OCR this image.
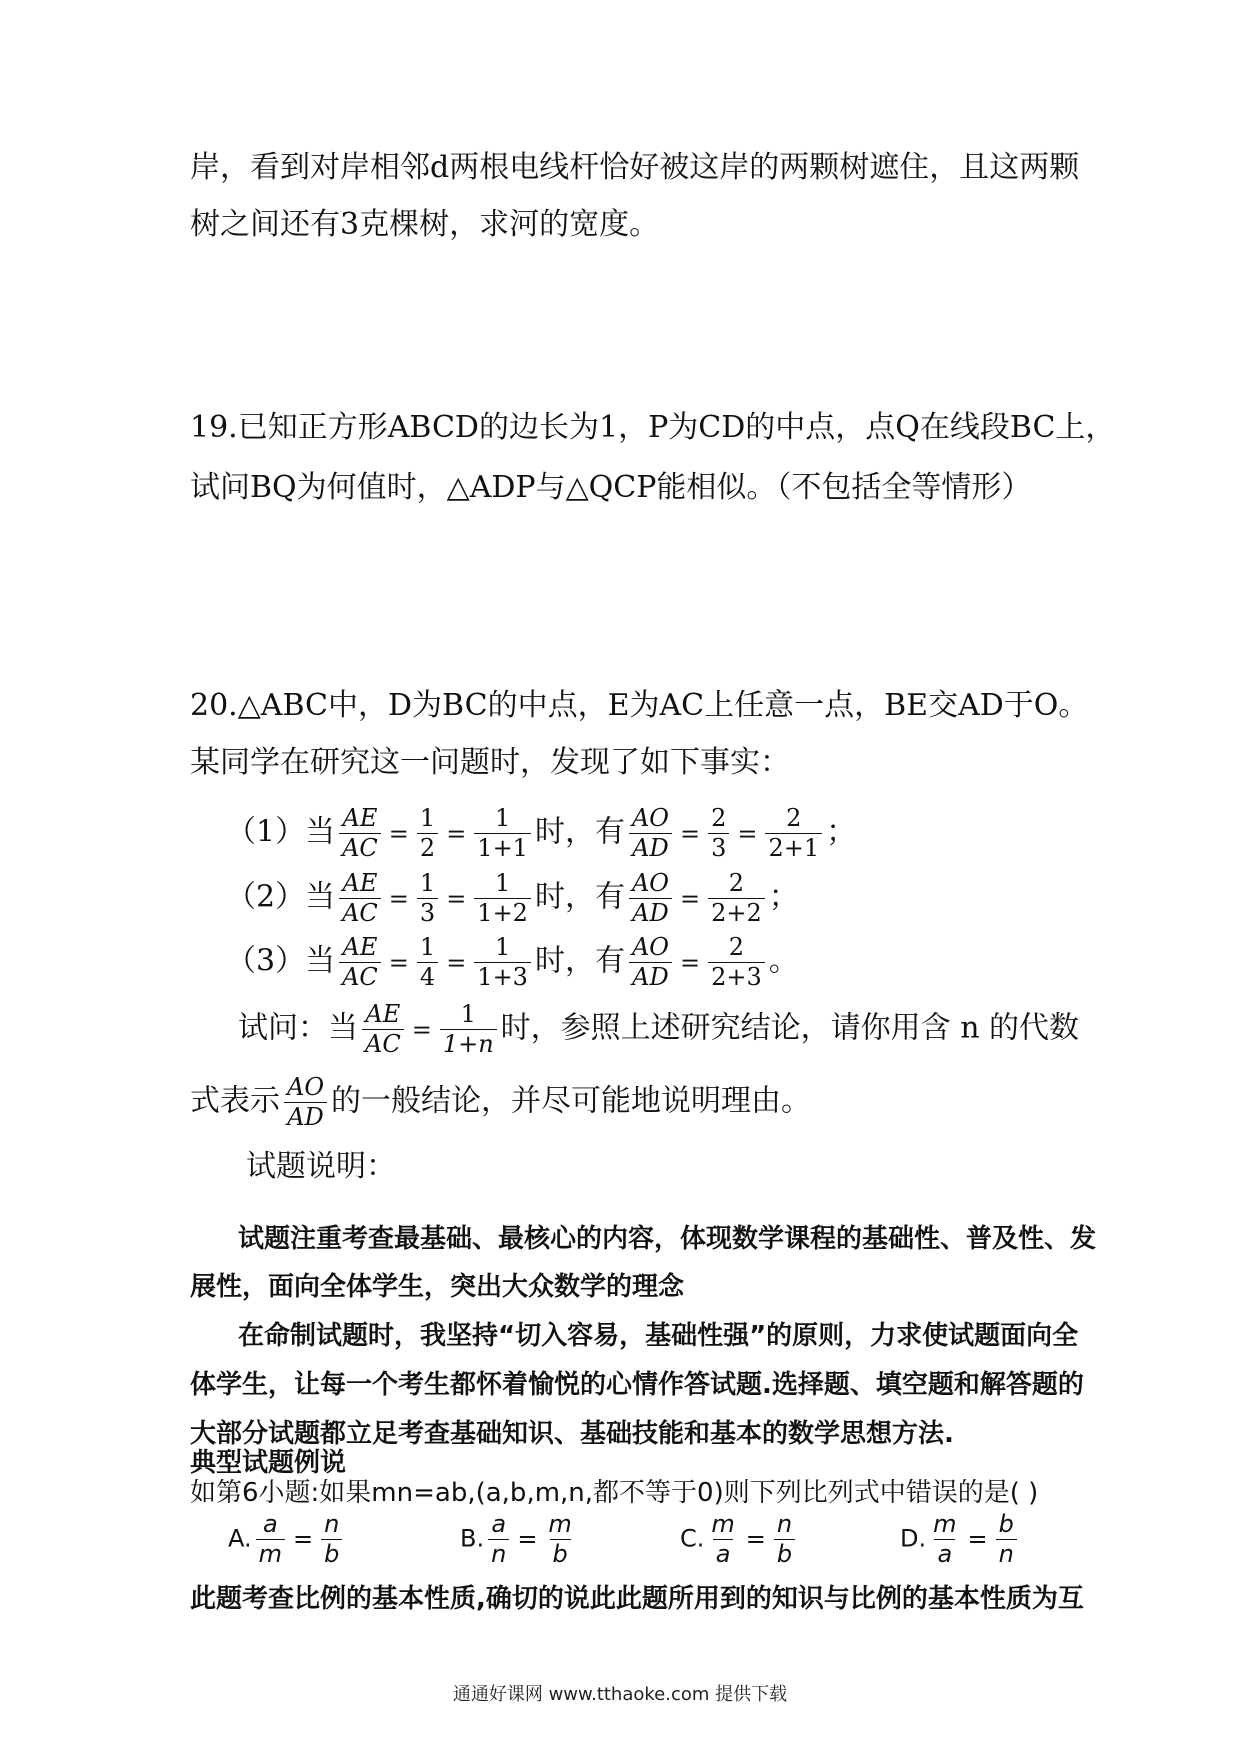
岸，看到对岸相邻d两根电线杆恰好被这岸的两颗树遮住，且这两颗
树之间还有3克棵树，求河的宽度。
19.已知正方形ABCD的边长为1，P为CD的中点，点Q在线段BC上，
试问BQ为何值时，△ADP与△QCP能相似。（不包括全等情形）
20.△ABC中，D为BC的中点，E为AC上任意一点，BE交AD于O。
某同学在研究这一问题时，发现了如下事实：
（1）当 $\frac{AE}{AC} = \frac{1}{2} = \frac{1}{1+1}$ 时，有 $\frac{AO}{AD} = \frac{2}{3} = \frac{2}{2+1}$ ；
（2）当 $\frac{AE}{AC} = \frac{1}{3} = \frac{1}{1+2}$ 时，有 $\frac{AO}{AD} = \frac{2}{2+2}$ ；
（3）当 $\frac{AE}{AC} = \frac{1}{4} = \frac{1}{1+3}$ 时，有 $\frac{AO}{AD} = \frac{2}{2+3}$ 。
试问：当 $\frac{AE}{AC} = \frac{1}{1+n}$ 时，参照上述研究结论，请你用含 n 的代数
式表示 $\frac{AO}{AD}$ 的一般结论，并尽可能地说明理由。
试题说明：
试题注重考查最基础、最核心的内容，体现数学课程的基础性、普及性、发
展性，面向全体学生，突出大众数学的理念
在命制试题时，我坚持“切入容易，基础性强”的原则，力求使试题面向全
体学生，让每一个考生都怀着愉悦的心情作答试题.选择题、填空题和解答题的
大部分试题都立足考查基础知识、基础技能和基本的数学思想方法.
典型试题例说
如第6小题:如果mn=ab,(a,b,m,n,都不等于0)则下列比列式中错误的是( )
A. $\frac{a}{m} = \frac{n}{b}$	B. $\frac{a}{n} = \frac{m}{b}$	C. $\frac{m}{a} = \frac{n}{b}$	D. $\frac{m}{a} = \frac{b}{n}$
此题考查比例的基本性质,确切的说此此题所用到的知识与比例的基本性质为互
通通好课网 www.tthaoke.com 提供下载
